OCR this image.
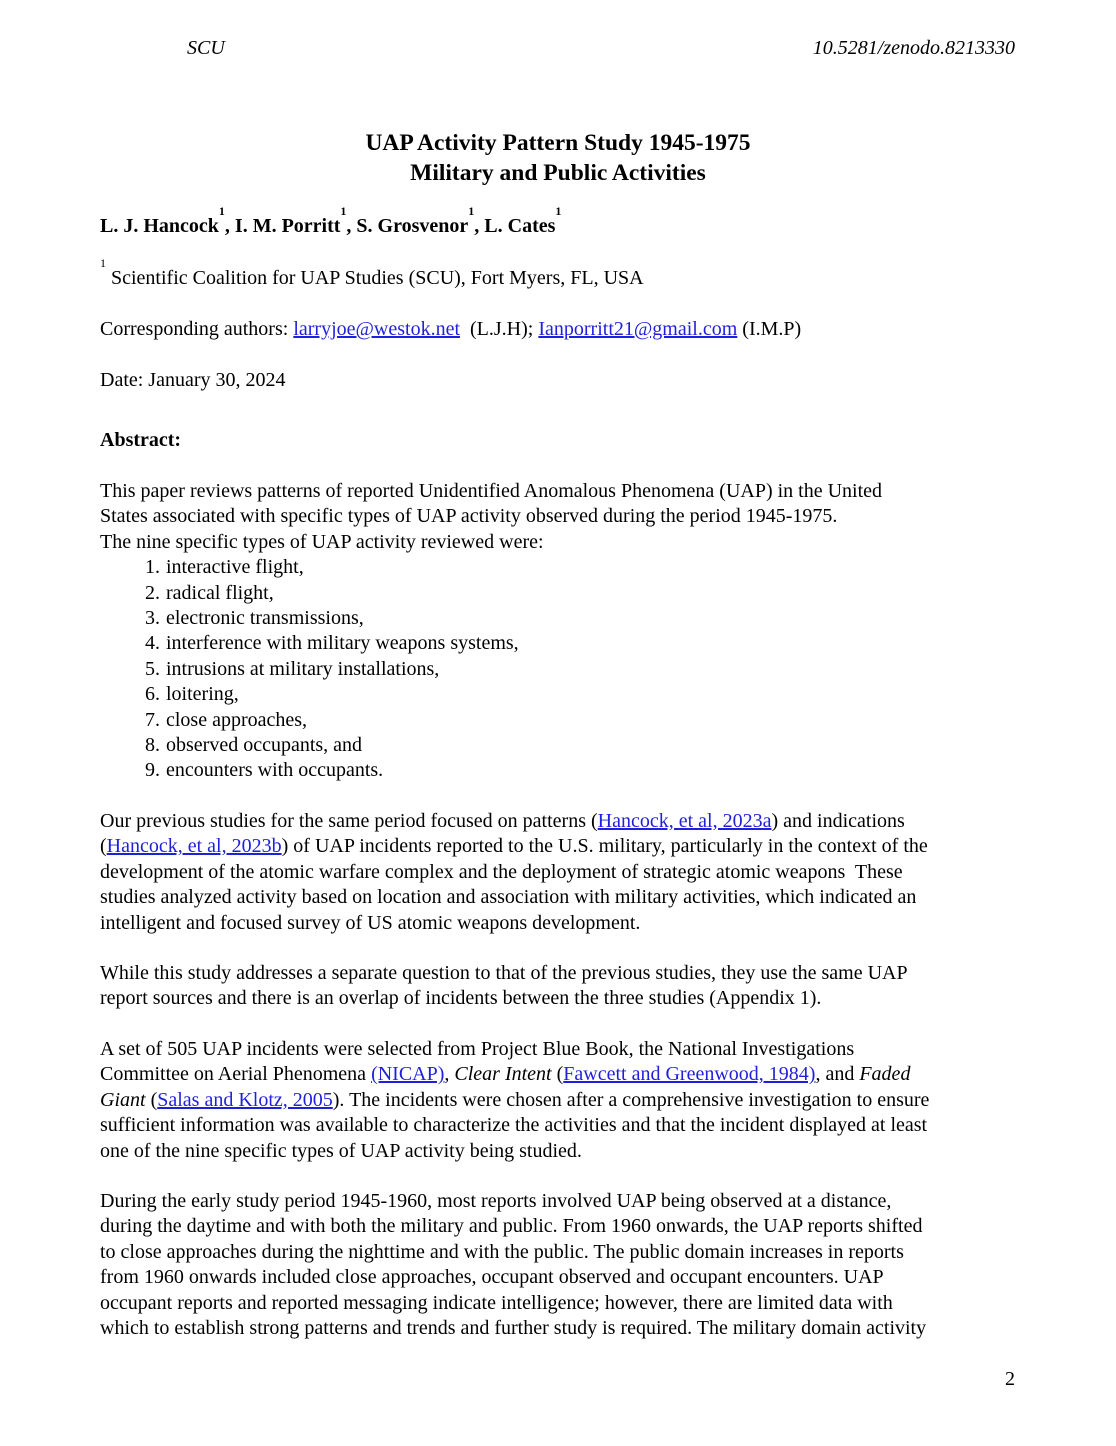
SCU	10.5281/zenodo.8213330
UAP Activity Pattern Study 1945-1975
Military and Public Activities
L. J. Hancock$^1$, I. M. Porritt$^1$, S. Grosvenor$^1$, L. Cates$^1$
$^1$ Scientific Coalition for UAP Studies (SCU), Fort Myers, FL, USA
Corresponding authors: larryjoe@westok.net  (L.J.H); Ianporritt21@gmail.com (I.M.P)
Date: January 30, 2024
Abstract:
This paper reviews patterns of reported Unidentified Anomalous Phenomena (UAP) in the United
States associated with specific types of UAP activity observed during the period 1945-1975.
The nine specific types of UAP activity reviewed were:
1. interactive flight,
2. radical flight,
3. electronic transmissions,
4. interference with military weapons systems,
5. intrusions at military installations,
6. loitering,
7. close approaches,
8. observed occupants, and
9. encounters with occupants.
Our previous studies for the same period focused on patterns (Hancock, et al, 2023a) and indications
(Hancock, et al, 2023b) of UAP incidents reported to the U.S. military, particularly in the context of the
development of the atomic warfare complex and the deployment of strategic atomic weapons  These
studies analyzed activity based on location and association with military activities, which indicated an
intelligent and focused survey of US atomic weapons development.
While this study addresses a separate question to that of the previous studies, they use the same UAP
report sources and there is an overlap of incidents between the three studies (Appendix 1).
A set of 505 UAP incidents were selected from Project Blue Book, the National Investigations
Committee on Aerial Phenomena (NICAP), Clear Intent (Fawcett and Greenwood, 1984), and Faded
Giant (Salas and Klotz, 2005). The incidents were chosen after a comprehensive investigation to ensure
sufficient information was available to characterize the activities and that the incident displayed at least
one of the nine specific types of UAP activity being studied.
During the early study period 1945-1960, most reports involved UAP being observed at a distance,
during the daytime and with both the military and public. From 1960 onwards, the UAP reports shifted
to close approaches during the nighttime and with the public. The public domain increases in reports
from 1960 onwards included close approaches, occupant observed and occupant encounters. UAP
occupant reports and reported messaging indicate intelligence; however, there are limited data with
which to establish strong patterns and trends and further study is required. The military domain activity
2
